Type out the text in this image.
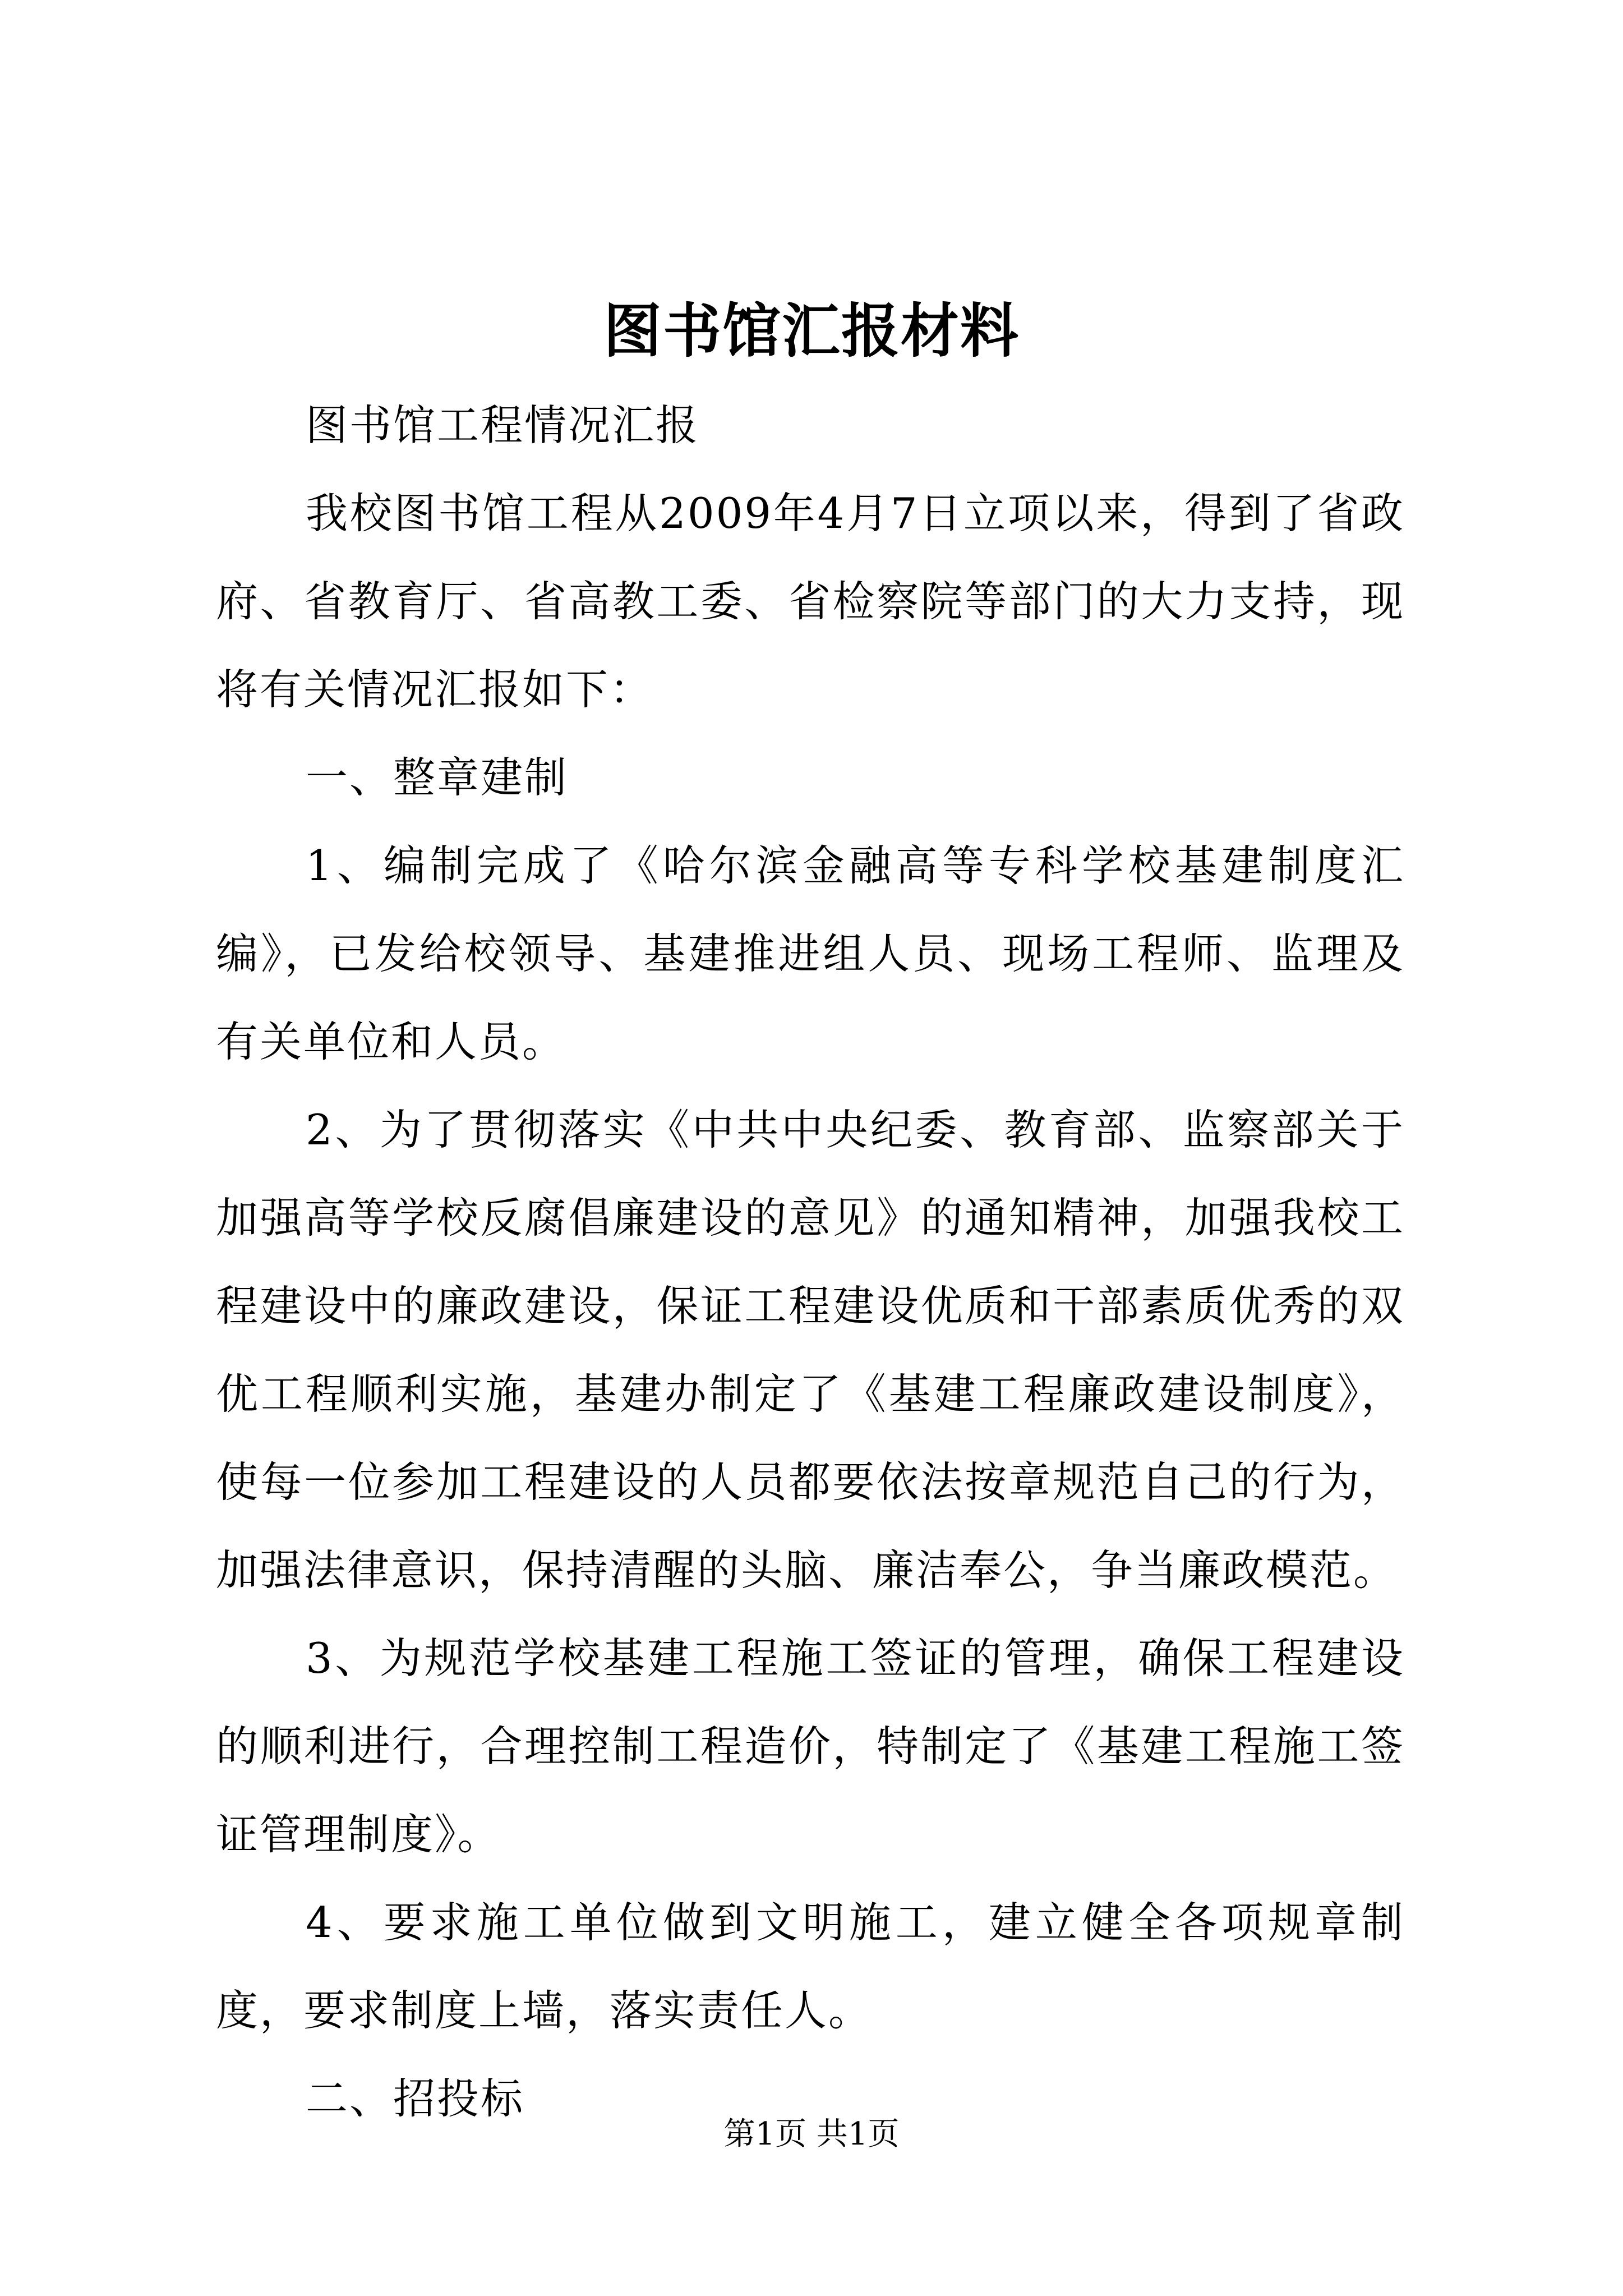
图书馆汇报材料

图书馆工程情况汇报

我校图书馆工程从2009年4月7日立项以来，得到了省政府、省教育厅、省高教工委、省检察院等部门的大力支持，现将有关情况汇报如下：

一、整章建制

1、编制完成了《哈尔滨金融高等专科学校基建制度汇编》，已发给校领导、基建推进组人员、现场工程师、监理及有关单位和人员。

2、为了贯彻落实《中共中央纪委、教育部、监察部关于加强高等学校反腐倡廉建设的意见》的通知精神，加强我校工程建设中的廉政建设，保证工程建设优质和干部素质优秀的双优工程顺利实施，基建办制定了《基建工程廉政建设制度》，使每一位参加工程建设的人员都要依法按章规范自己的行为，加强法律意识，保持清醒的头脑、廉洁奉公，争当廉政模范。

3、为规范学校基建工程施工签证的管理，确保工程建设的顺利进行，合理控制工程造价，特制定了《基建工程施工签证管理制度》。

4、要求施工单位做到文明施工，建立健全各项规章制度，要求制度上墙，落实责任人。

二、招投标

第1页 共1页
